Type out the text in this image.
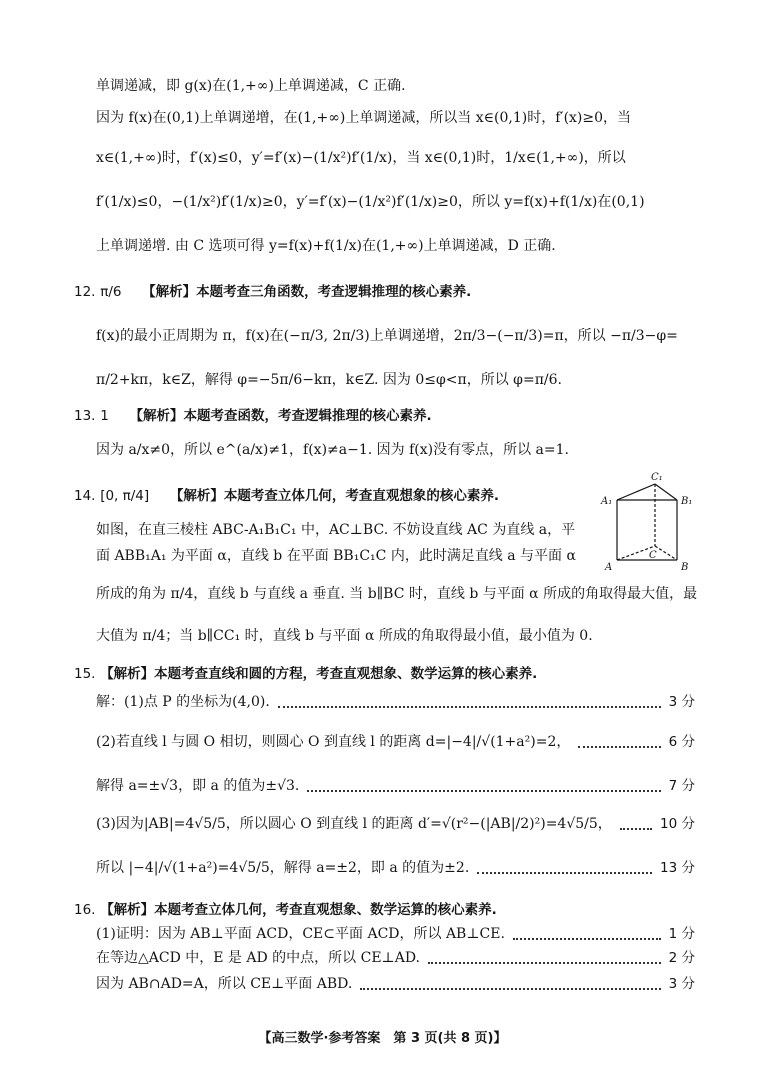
单调递减，即 g(x)在(1,+∞)上单调递减，C 正确.
因为 f(x)在(0,1)上单调递增，在(1,+∞)上单调递减，所以当 x∈(0,1)时，f′(x)≥0，当
x∈(1,+∞)时，f′(x)≤0，y′=f′(x)−(1/x²)f′(1/x)，当 x∈(0,1)时，1/x∈(1,+∞)，所以
f′(1/x)≤0，−(1/x²)f′(1/x)≥0，y′=f′(x)−(1/x²)f′(1/x)≥0，所以 y=f(x)+f(1/x)在(0,1)
上单调递增. 由 C 选项可得 y=f(x)+f(1/x)在(1,+∞)上单调递减，D 正确.
12. π/6 【解析】本题考查三角函数，考查逻辑推理的核心素养.
f(x)的最小正周期为 π，f(x)在(−π/3, 2π/3)上单调递增，2π/3−(−π/3)=π，所以 −π/3−φ=
π/2+kπ，k∈Z，解得 φ=−5π/6−kπ，k∈Z. 因为 0≤φ<π，所以 φ=π/6.
13. 1 【解析】本题考查函数，考查逻辑推理的核心素养.
因为 a/x≠0，所以 e^(a/x)≠1，f(x)≠a−1. 因为 f(x)没有零点，所以 a=1.
14. [0, π/4] 【解析】本题考查立体几何，考查直观想象的核心素养.
如图，在直三棱柱 ABC-A₁B₁C₁ 中，AC⊥BC. 不妨设直线 AC 为直线 a，平
面 ABB₁A₁ 为平面 α，直线 b 在平面 BB₁C₁C 内，此时满足直线 a 与平面 α
所成的角为 π/4，直线 b 与直线 a 垂直. 当 b∥BC 时，直线 b 与平面 α 所成的角取得最大值，最
大值为 π/4；当 b∥CC₁ 时，直线 b 与平面 α 所成的角取得最小值，最小值为 0.
C₁
A₁	B₁
A
C
B
15. 【解析】本题考查直线和圆的方程，考查直观想象、数学运算的核心素养.
解：(1)点 P 的坐标为(4,0).	3 分
(2)若直线 l 与圆 O 相切，则圆心 O 到直线 l 的距离 d=|−4|/√(1+a²)=2，	6 分
解得 a=±√3，即 a 的值为±√3.	7 分
(3)因为|AB|=4√5/5，所以圆心 O 到直线 l 的距离 d′=√(r²−(|AB|/2)²)=4√5/5，	10 分
所以 |−4|/√(1+a²)=4√5/5，解得 a=±2，即 a 的值为±2.	13 分
16. 【解析】本题考查立体几何，考查直观想象、数学运算的核心素养.
(1)证明：因为 AB⊥平面 ACD，CE⊂平面 ACD，所以 AB⊥CE.	1 分
在等边△ACD 中，E 是 AD 的中点，所以 CE⊥AD.	2 分
因为 AB∩AD=A，所以 CE⊥平面 ABD.	3 分
【高三数学·参考答案　第 3 页(共 8 页)】
